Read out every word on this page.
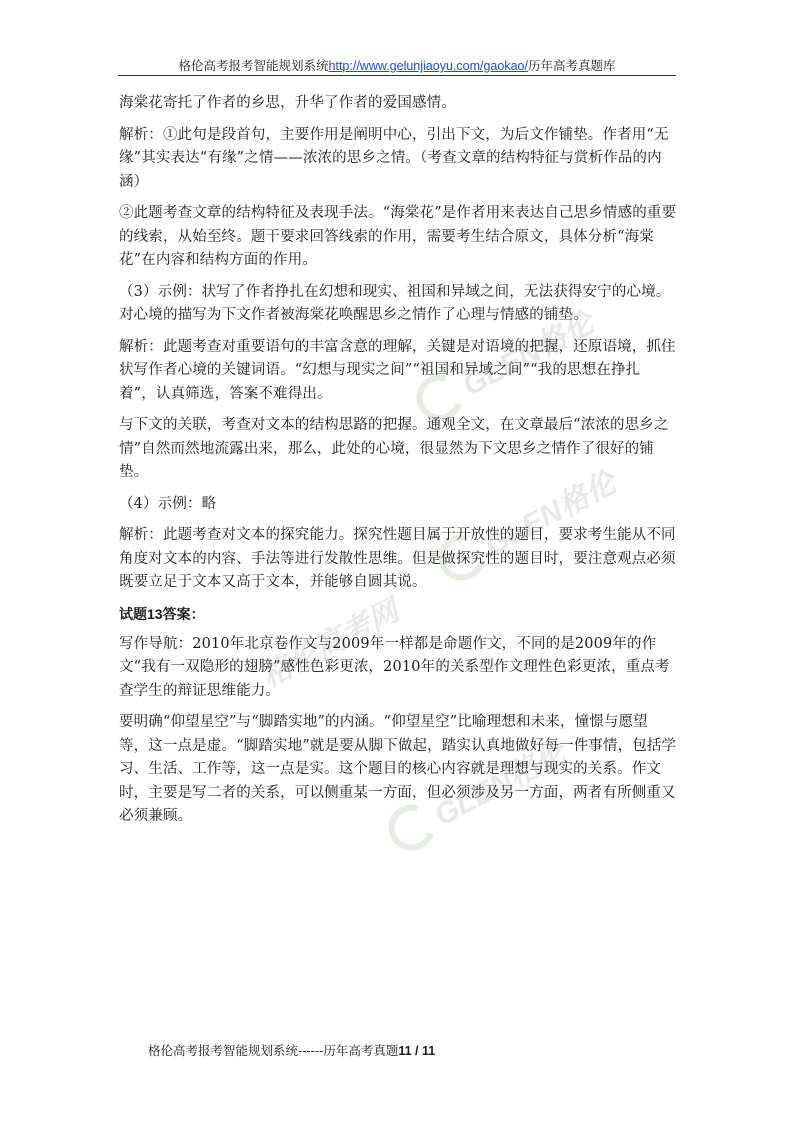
格伦高考报考智能规划系统http://www.gelunjiaoyu.com/gaokao/历年高考真题库

海棠花寄托了作者的乡思，升华了作者的爱国感情。

解析：①此句是段首句，主要作用是阐明中心，引出下文，为后文作铺垫。作者用“无缘”其实表达“有缘”之情——浓浓的思乡之情。（考查文章的结构特征与赏析作品的内涵）

②此题考查文章的结构特征及表现手法。“海棠花”是作者用来表达自己思乡情感的重要的线索，从始至终。题干要求回答线索的作用，需要考生结合原文，具体分析“海棠花”在内容和结构方面的作用。

（3）示例：状写了作者挣扎在幻想和现实、祖国和异域之间，无法获得安宁的心境。对心境的描写为下文作者被海棠花唤醒思乡之情作了心理与情感的铺垫。

解析：此题考查对重要语句的丰富含意的理解，关键是对语境的把握，还原语境，抓住状写作者心境的关键词语。“幻想与现实之间”“祖国和异域之间”“我的思想在挣扎着”，认真筛选，答案不难得出。

与下文的关联，考查对文本的结构思路的把握。通观全文，在文章最后“浓浓的思乡之情”自然而然地流露出来，那么，此处的心境，很显然为下文思乡之情作了很好的铺垫。

（4）示例：略

解析：此题考查对文本的探究能力。探究性题目属于开放性的题目，要求考生能从不同角度对文本的内容、手法等进行发散性思维。但是做探究性的题目时，要注意观点必须既要立足于文本又高于文本，并能够自圆其说。

试题13答案：

写作导航：2010年北京卷作文与2009年一样都是命题作文，不同的是2009年的作文“我有一双隐形的翅膀”感性色彩更浓，2010年的关系型作文理性色彩更浓，重点考查学生的辩证思维能力。

要明确“仰望星空”与“脚踏实地”的内涵。“仰望星空”比喻理想和未来，憧憬与愿望等，这一点是虚。“脚踏实地”就是要从脚下做起，踏实认真地做好每一件事情，包括学习、生活、工作等，这一点是实。这个题目的核心内容就是理想与现实的关系。作文时，主要是写二者的关系，可以侧重某一方面，但必须涉及另一方面，两者有所侧重又必须兼顾。

GLEN格伦
格伦高考网
GLEN格伦
GLEN格伦
格伦高考报考智能规划系统------历年高考真题11 / 11
